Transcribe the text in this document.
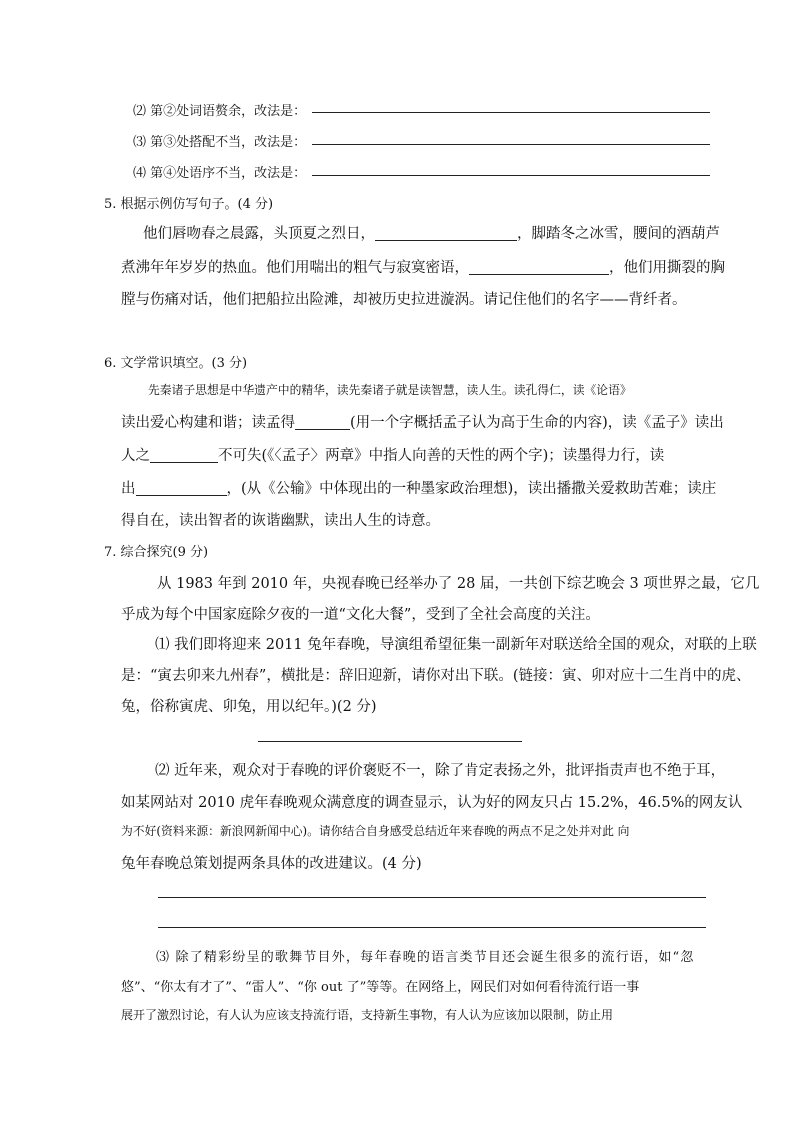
⑵ 第②处词语赘余，改法是：
⑶ 第③处搭配不当，改法是：
⑷ 第④处语序不当，改法是：
5. 根据示例仿写句子。(4 分)
他们唇吻春之晨露，头顶夏之烈日，	，脚踏冬之冰雪，腰间的酒葫芦
煮沸年年岁岁的热血。他们用喘出的粗气与寂寞密语，	，他们用撕裂的胸
膛与伤痛对话，他们把船拉出险滩，却被历史拉进漩涡。请记住他们的名字——背纤者。
6. 文学常识填空。(3 分)
先秦诸子思想是中华遗产中的精华，读先秦诸子就是读智慧，读人生。读孔得仁，读《论语》
读出爱心构建和谐；读孟得	(用一个字概括孟子认为高于生命的内容)，读《孟子》读出
人之	不可失(《〈孟子〉两章》中指人向善的天性的两个字)；读墨得力行，读
出	，(从《公输》中体现出的一种墨家政治理想)，读出播撒关爱救助苦难；读庄
得自在，读出智者的诙谐幽默，读出人生的诗意。
7. 综合探究(9 分)
从 1983 年到 2010 年，央视春晚已经举办了 28 届，一共创下综艺晚会 3 项世界之最，它几
乎成为每个中国家庭除夕夜的一道“文化大餐”，受到了全社会高度的关注。
⑴ 我们即将迎来 2011 兔年春晚，导演组希望征集一副新年对联送给全国的观众，对联的上联
是：“寅去卯来九州春”，横批是：辞旧迎新，请你对出下联。(链接：寅、卯对应十二生肖中的虎、
兔，俗称寅虎、卯兔，用以纪年。)(2 分)
⑵ 近年来，观众对于春晚的评价褒贬不一，除了肯定表扬之外，批评指责声也不绝于耳，
如某网站对 2010 虎年春晚观众满意度的调查显示，认为好的网友只占 15.2%，46.5%的网友认
为不好(资料来源：新浪网新闻中心)。请你结合自身感受总结近年来春晚的两点不足之处并对此 向
兔年春晚总策划提两条具体的改进建议。(4 分)
⑶ 除了精彩纷呈的歌舞节目外，每年春晚的语言类节目还会诞生很多的流行语，如“忽
悠”、“你太有才了”、“雷人”、“你 out 了”等等。在网络上，网民们对如何看待流行语一事
展开了激烈讨论，有人认为应该支持流行语，支持新生事物，有人认为应该加以限制，防止用
